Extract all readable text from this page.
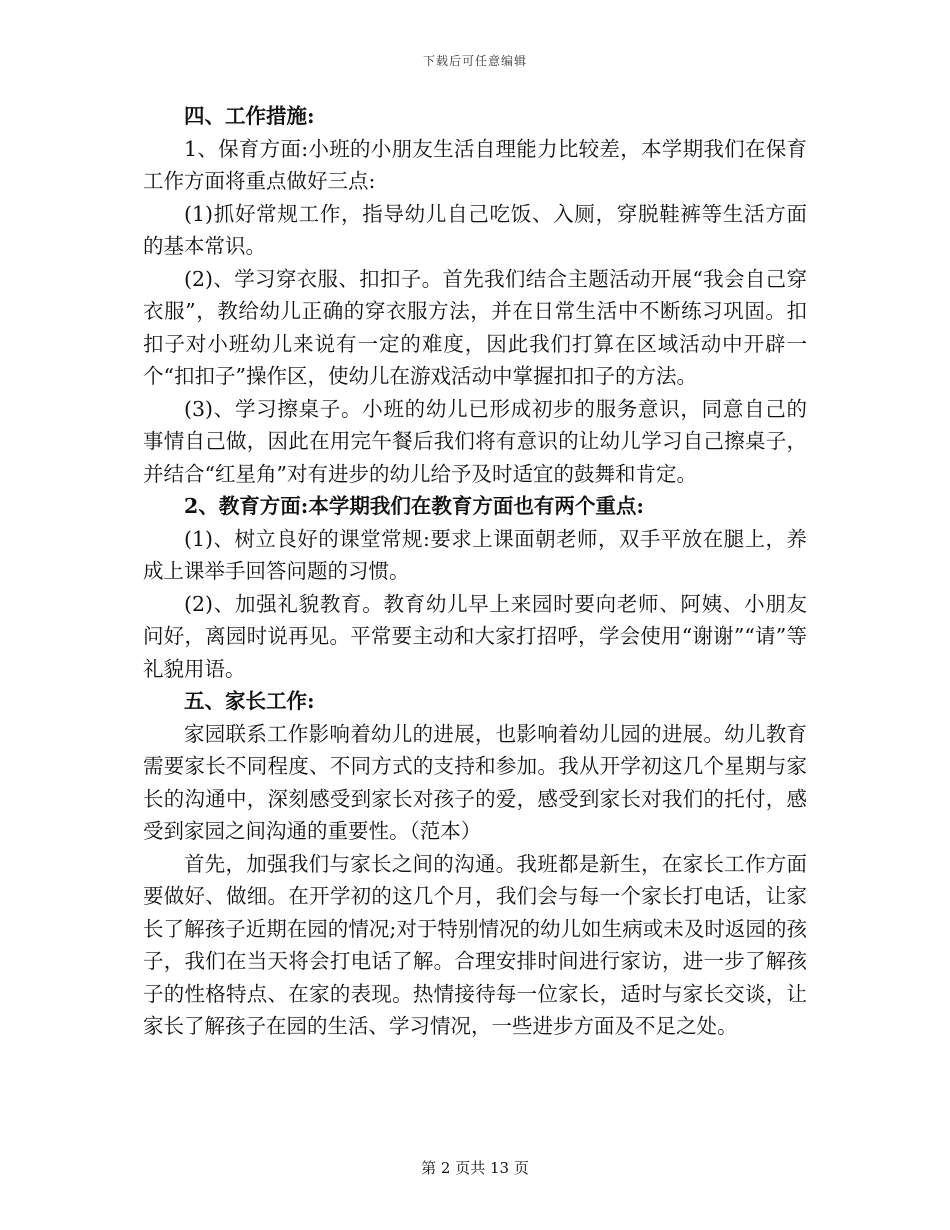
下载后可任意编辑

四、工作措施:

1、保育方面:小班的小朋友生活自理能力比较差，本学期我们在保育工作方面将重点做好三点:

(1)抓好常规工作，指导幼儿自己吃饭、入厕，穿脱鞋裤等生活方面的基本常识。

(2)、学习穿衣服、扣扣子。首先我们结合主题活动开展“我会自己穿衣服”，教给幼儿正确的穿衣服方法，并在日常生活中不断练习巩固。扣扣子对小班幼儿来说有一定的难度，因此我们打算在区域活动中开辟一个“扣扣子”操作区，使幼儿在游戏活动中掌握扣扣子的方法。

(3)、学习擦桌子。小班的幼儿已形成初步的服务意识，同意自己的事情自己做，因此在用完午餐后我们将有意识的让幼儿学习自己擦桌子，并结合“红星角”对有进步的幼儿给予及时适宜的鼓舞和肯定。

2、教育方面:本学期我们在教育方面也有两个重点:

(1)、树立良好的课堂常规:要求上课面朝老师，双手平放在腿上，养成上课举手回答问题的习惯。

(2)、加强礼貌教育。教育幼儿早上来园时要向老师、阿姨、小朋友问好，离园时说再见。平常要主动和大家打招呼，学会使用“谢谢”“请”等礼貌用语。

五、家长工作:

家园联系工作影响着幼儿的进展，也影响着幼儿园的进展。幼儿教育需要家长不同程度、不同方式的支持和参加。我从开学初这几个星期与家长的沟通中，深刻感受到家长对孩子的爱，感受到家长对我们的托付，感受到家园之间沟通的重要性。（范本）

首先，加强我们与家长之间的沟通。我班都是新生，在家长工作方面要做好、做细。在开学初的这几个月，我们会与每一个家长打电话，让家长了解孩子近期在园的情况;对于特别情况的幼儿如生病或未及时返园的孩子，我们在当天将会打电话了解。合理安排时间进行家访，进一步了解孩子的性格特点、在家的表现。热情接待每一位家长，适时与家长交谈，让家长了解孩子在园的生活、学习情况，一些进步方面及不足之处。

第 2 页共 13 页
